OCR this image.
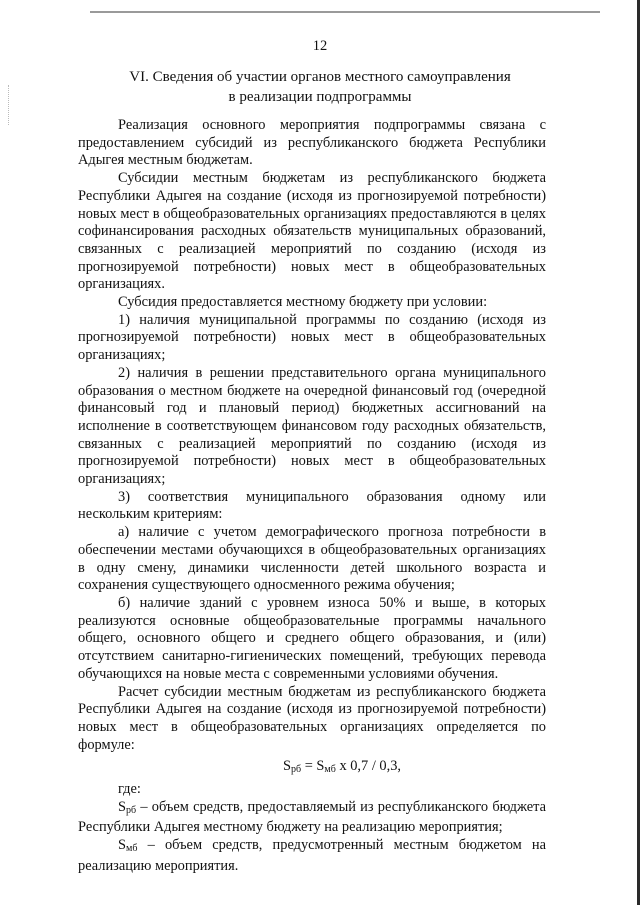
12
VI. Сведения об участии органов местного самоуправления
в реализации подпрограммы

Реализация основного мероприятия подпрограммы связана с предоставлением субсидий из республиканского бюджета Республики Адыгея местным бюджетам.

Субсидии местным бюджетам из республиканского бюджета Республики Адыгея на создание (исходя из прогнозируемой потребности) новых мест в общеобразовательных организациях предоставляются в целях софинансирования расходных обязательств муниципальных образований, связанных с реализацией мероприятий по созданию (исходя из прогнозируемой потребности) новых мест в общеобразовательных организациях.

Субсидия предоставляется местному бюджету при условии:

1) наличия муниципальной программы по созданию (исходя из прогнозируемой потребности) новых мест в общеобразовательных организациях;

2) наличия в решении представительного органа муниципального образования о местном бюджете на очередной финансовый год (очередной финансовый год и плановый период) бюджетных ассигнований на исполнение в соответствующем финансовом году расходных обязательств, связанных с реализацией мероприятий по созданию (исходя из прогнозируемой потребности) новых мест в общеобразовательных организациях;

3) соответствия муниципального образования одному или нескольким критериям:

а) наличие с учетом демографического прогноза потребности в обеспечении местами обучающихся в общеобразовательных организациях в одну смену, динамики численности детей школьного возраста и сохранения существующего односменного режима обучения;

б) наличие зданий с уровнем износа 50% и выше, в которых реализуются основные общеобразовательные программы начального общего, основного общего и среднего общего образования, и (или) отсутствием санитарно-гигиенических помещений, требующих перевода обучающихся на новые места с современными условиями обучения.

Расчет субсидии местным бюджетам из республиканского бюджета Республики Адыгея на создание (исходя из прогнозируемой потребности) новых мест в общеобразовательных организациях определяется по формуле:

$S_{рб} = S_{мб}$ х 0,7 / 0,3,

где:

$S_{рб}$ – объем средств, предоставляемый из республиканского бюджета Республики Адыгея местному бюджету на реализацию мероприятия;

$S_{мб}$ – объем средств, предусмотренный местным бюджетом на реализацию мероприятия.
